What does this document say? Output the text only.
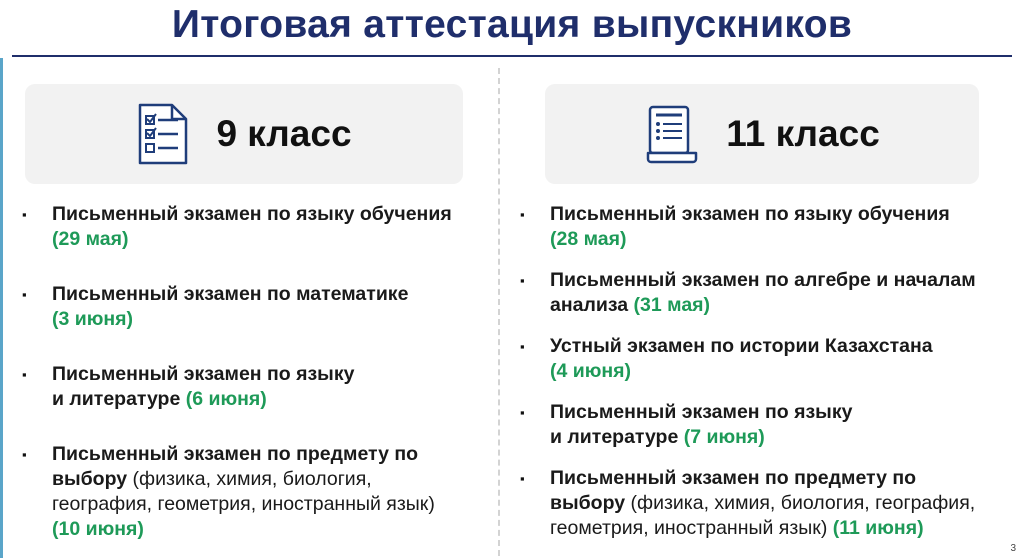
Итоговая аттестация выпускников
9 класс	11 класс
▪	Письменный экзамен по языку обучения
(29 мая)
▪	Письменный экзамен по математике
(3 июня)
▪	Письменный экзамен по языку
и литературе (6 июня)
▪	Письменный экзамен по предмету по
выбору (физика, химия, биология,
география, геометрия, иностранный язык)
(10 июня)
▪	Письменный экзамен по языку обучения
(28 мая)
▪	Письменный экзамен по алгебре и началам
анализа (31 мая)
▪	Устный экзамен по истории Казахстана
(4 июня)
▪	Письменный экзамен по языку
и литературе (7 июня)
▪	Письменный экзамен по предмету по
выбору (физика, химия, биология, география,
геометрия, иностранный язык) (11 июня)
3
